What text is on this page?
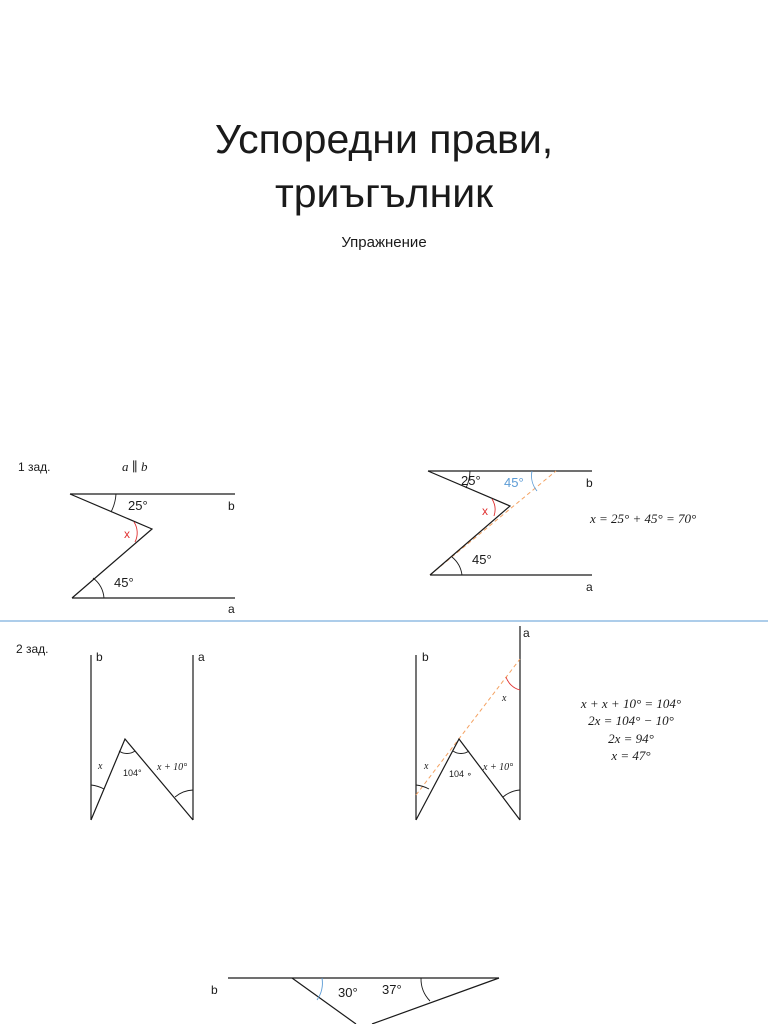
Успоредни прави,
триъгълник
Упражнение
1 зад.	a ∥ b
25°
x
45°
b
a
25° 45°
x
45°
b
a
x = 25° + 45° = 70°
2 зад.
b	a
x
104° x + 10°
b
a
x
104 ∘
x + 10°
x	x + x + 10° = 104°
2x = 104° − 10°
2x = 94°
x = 47°
b	30° 37°
